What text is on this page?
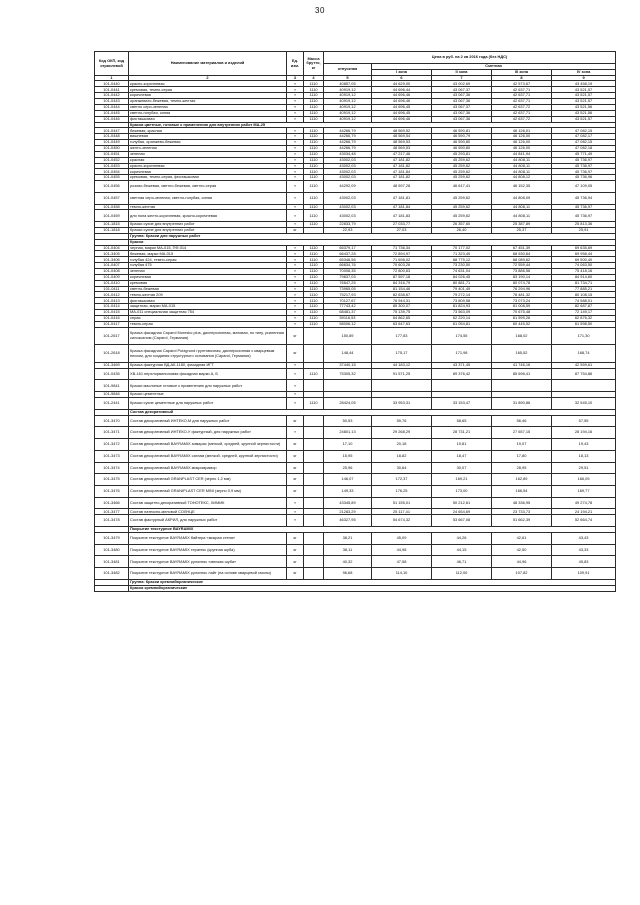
30
Код ОКП, код отраслевой	Наименование материалов и изделий	Ед. изм.	Масса брутто, кг	Цена в руб. на 2 кв 2016 года (без НДС)				
				отпускная	Сметная			
					I зона	II зона	III зона	IV зона
1	2	3	4	5	6	7	8	9
101-0440	красно-коричневая	т	1110	40857,05	44 629,00	43 002,69	42 573,67	43 458,19
101-0441	кремовая, темно-серая	т	1110	40919,12	44 696,44	43 067,37	42 637,71	43 521,57
101-0442	коричневая	т	1110	40919,12	44 696,46	43 067,36	42 637,71	43 521,57
101-0443	оранжевато-бежевая, темно-желтая	т	1110	40919,12	44 696,46	43 067,36	42 637,71	43 521,57
101-0444	светло серо-зеленая	т	1110	40919,12	44 696,45	43 067,37	42 637,72	43 521,56
101-0445	светло-голубая, синяя	т	1110	40919,12	44 696,45	43 067,36	42 637,71	43 521,56
101-0446	фисташковая	т	1110	40919,12	44 696,46	43 067,36	42 637,72	43 521,57
	Краски цветные, готовые к применению для внутренних работ МА-25							
101-0447	бежевая, красная	т	1110	44266,79	48 569,52	46 590,81	46 126,01	47 082,15
101-0448	вишневая	т	1110	44266,79	48 569,54	46 590,79	46 126,00	47 082,17
101-0449	голубая, оранжево-бежевая	т	1110	44266,79	48 569,53	46 590,80	46 126,00	47 082,15
101-0450	желто-зеленая	т	1110	44266,79	48 569,53	46 590,80	46 126,00	47 082,18
101-0451	зеленая	т	1110	43034,48	47 217,46	45 293,81	44 841,94	45 771,49
101-0452	красная	т	1110	43002,03	47 181,82	45 259,62	44 808,11	45 736,97
101-0453	красно-коричневая	т	1110	43002,03	47 181,82	45 259,62	44 808,11	45 736,97
101-0454	коричневая	т	1110	43002,03	47 181,84	45 259,62	44 808,11	45 736,97
101-0455	кремовая, темно-серая, фисташковая	т	1110	43002,03	47 181,82	45 259,62	44 808,12	45 736,96
101-0456	розово-бежевая, светло-бежевая, светло-серая	т	1110	44292,09	48 597,28	46 617,41	46 152,35	47 109,05
101-0457	светлая серо-зеленая, светло-голубая, синяя	т	1110	43002,03	47 181,81	45 259,62	44 808,09	45 736,94
101-0458	темно-желтая	т	1110	43002,03	47 181,84	45 259,62	44 808,11	45 736,97
101-0459	для пола желто-коричневая, красно-коричневая	т	1110	43002,03	47 181,83	45 259,62	44 808,11	45 736,97
101-1815	Краски сухие для внутренних работ	т	1110	22833,79	27 033,77	26 357,60	25 387,89	25 813,36
101-1818	Краски сухие для внутренних работ	кг		22,93	27,03	26,40	25,37	25,91
	Группа: Краски для наружных работ							
	Краски							
101-0404	черная, марки МА-015, ПФ-014	т	1110	65379,17	71 736,34	70 177,02	67 451,39	69 635,69
101-3405	бежевая, марки МА-015	т	1110	66437,28	72 894,97	71 323,40	68 530,64	69 958,44
101-3406	голубая 424, темно-серая	т	1110	65346,56	71 698,02	68 775,12	68 089,62	69 500,40
101-0407	голубая 475	т	1110	66634,76	70 603,26	73 230,50	72 559,44	74 063,50
101-0408	зеленая	т	1110	70008,35	72 800,63	74 631,04	73 886,58	75 418,16
101-0409	коричневая	т	1110	79837,03	87 597,18	84 026,45	83 190,14	84 914,60
101-0410	кремовая	т	1110	76647,25	84 316,79	80 881,71	80 074,78	81 734,71
101-0411	светло-бежевая	т	1110	73965,05	81 154,46	79 401,49	76 294,96	77 885,21
101-0412	темно-желтая 209	т	1110	75217,93	82 638,67	79 272,14	78 481,32	80 108,15
101-0413	фисташковая	т	1110	70127,67	76 944,31	73 809,58	73 073,24	74 588,01
101-0414	защитная, марки МА-015	т	1110	77743,42	85 300,07	81 824,93	81 008,59	82 687,87
101-0415	МА-011 специальная защитная 754	т	1110	68481,37	75 139,75	73 563,09	70 675,48	72 149,17
101-0416	серая	т	1110	59116,53	64 862,65	62 220,14	61 599,26	62 876,32
101-0417	темно-серая	т	1110	58006,12	63 647,63	61 054,81	60 445,52	61 598,50
101-2617	Краска фасадная Caparol Muresko plus, дисперсионная, матовая, по типу, усиленная силоксаном (Caparol, Германия)	кг		150,89	177,83	174,55	168,02	171,30
101-2618	Краска фасадная Caparol Putzgrund грунтовочная, дисперсионная с кварцевым песком, для создания структурного основания (Caparol, Германия)	кг		148,44	175,17	171,98	165,52	168,74
101-3469	Краска фактурная ВД-АК-1180, фасадная ИГТ	т		37440,15	44 183,12	43 371,45	41 746,16	42 559,61
101-0435	ХВ-161 перхлорвиниловая фасадная марки А, Б	т	1110	75305,32	91 571,25	89 376,42	85 696,41	87 754,86
101-9841	Краски масляные готовые к применению для наружных работ	т						
101-9846	Краски цементные	т						
101-2441	Краски сухие цементные для наружных работ	т	1110	28424,05	33 953,31	33 153,47	31 890,86	32 545,10
	Состав декоративный							
101-3470	Состав декоративный ИНТЕКО-М для наружных работ	кг		50,53	59,76	58,65	56,46	57,55
101-3471	Состав декоративный ИНТЕКО-У фактурный, для наружных работ	т		24801,13	29 268,29	28 731,21	27 657,15	28 194,16
101-3472	Состав декоративный BAYRAMIX зимарас (мелкой, средней, крупной зернистости)	кг		17,10	20,18	19,81	19,07	19,43
101-3473	Состав декоративный BAYRAMIX саглам (мелкой, средней, крупной зернистости)	кг		15,95	18,82	18,47	17,80	18,13
101-3474	Состав декоративный BAYRAMIX микромрамор	кг		25,96	30,64	30,07	28,95	29,51
101-3475	Состав декоративный GRANPLAST CER (зерно 1,2 мм)	кг		146,07	172,37	169,21	162,89	166,05
101-3476	Состав декоративный GRANIPLAST CER MINI (зерно 0,9 мм)	кг		149,33	176,25	173,00	166,54	169,77
101-3466	Состав защитно-декоративный ТОНОТЕКС, ХИМИК	т		43345,89	51 155,01	50 212,61	48 336,95	49 274,78
101-3477	Состав латексно-меловой СОЛНЦЕ	т		21283,29	25 117,41	24 654,69	23 733,73	24 194,21
101-3478	Состав фактурный АКРИЛ, для наружных работ	т		46327,95	54 674,32	53 667,08	51 662,39	52 664,74
	Покрытие текстурное BAYRAMIX							
101-3479	Покрытие текстурное BAYRAMIX байтера «мокрая стена»	кг		38,21	45,09	44,26	42,61	43,43
101-3480	Покрытие текстурное BAYRAMIX терагекс (крупная шуба)	кг		38,11	44,98	44,15	42,50	43,33
101-3481	Покрытие текстурное BAYRAMIX рулонекс «мелкая шуба»	кг		40,32	47,58	46,71	44,96	45,83
101-3482	Покрытие текстурное BAYRAMIX рулонекс лайт (на основе кварцевой смолы)	кг		96,68	114,10	112,00	107,82	109,91
	Группа: Краски кремнийорганические							
	Краски кремнийорганические							
